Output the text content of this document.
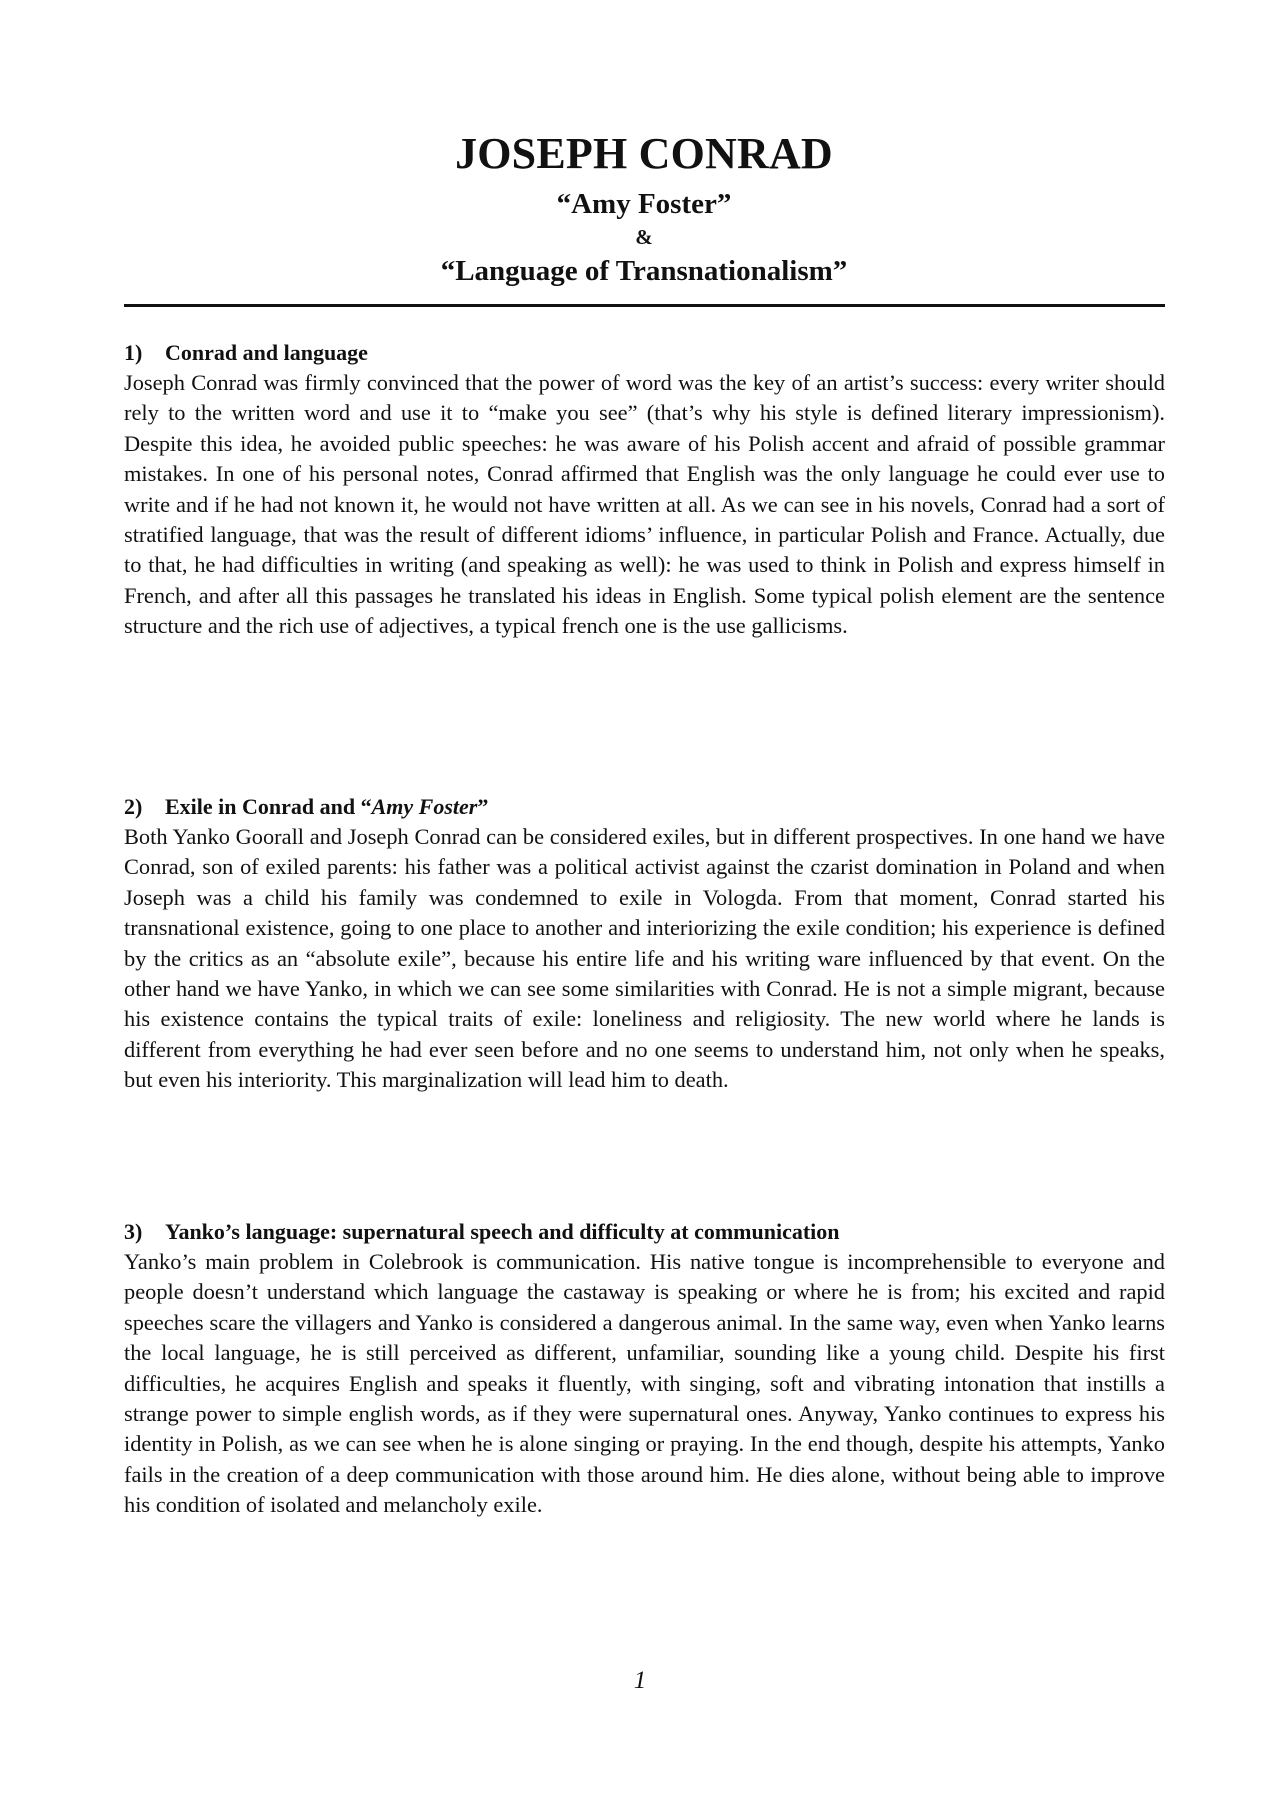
JOSEPH CONRAD

“Amy Foster”

&

“Language of Transnationalism”

1)	Conrad and language

Joseph Conrad was firmly convinced that the power of word was the key of an artist’s success: every writer should rely to the written word and use it to “make you see” (that’s why his style is defined literary impressionism). Despite this idea, he avoided public speeches: he was aware of his Polish accent and afraid of possible grammar mistakes. In one of his personal notes, Conrad affirmed that English was the only language he could ever use to write and if he had not known it, he would not have written at all. As we can see in his novels, Conrad had a sort of stratified language, that was the result of different idioms’ influence, in particular Polish and France. Actually, due to that, he had difficulties in writing (and speaking as well): he was used to think in Polish and express himself in French, and after all this passages he translated his ideas in English. Some typical polish element are the sentence structure and the rich use of adjectives, a typical french one is the use gallicisms.

2)	Exile in Conrad and “Amy Foster”

Both Yanko Goorall and Joseph Conrad can be considered exiles, but in different prospectives. In one hand we have Conrad, son of exiled parents: his father was a political activist against the czarist domination in Poland and when Joseph was a child his family was condemned to exile in Vologda. From that moment, Conrad started his transnational existence, going to one place to another and interiorizing the exile condition; his experience is defined by the critics as an “absolute exile”, because his entire life and his writing ware influenced by that event. On the other hand we have Yanko, in which we can see some similarities with Conrad. He is not a simple migrant, because his existence contains the typical traits of exile: loneliness and religiosity. The new world where he lands is different from everything he had ever seen before and no one seems to understand him, not only when he speaks, but even his interiority. This marginalization will lead him to death.

3)	Yanko’s language: supernatural speech and difficulty at communication

Yanko’s main problem in Colebrook is communication. His native tongue is incomprehensible to everyone and people doesn’t understand which language the castaway is speaking or where he is from; his excited and rapid speeches scare the villagers and Yanko is considered a dangerous animal. In the same way, even when Yanko learns the local language, he is still perceived as different, unfamiliar, sounding like a young child. Despite his first difficulties, he acquires English and speaks it fluently, with singing, soft and vibrating intonation that instills a strange power to simple english words, as if they were supernatural ones. Anyway, Yanko continues to express his identity in Polish, as we can see when he is alone singing or praying. In the end though, despite his attempts, Yanko fails in the creation of a deep communication with those around him. He dies alone, without being able to improve his condition of isolated and melancholy exile.

1
